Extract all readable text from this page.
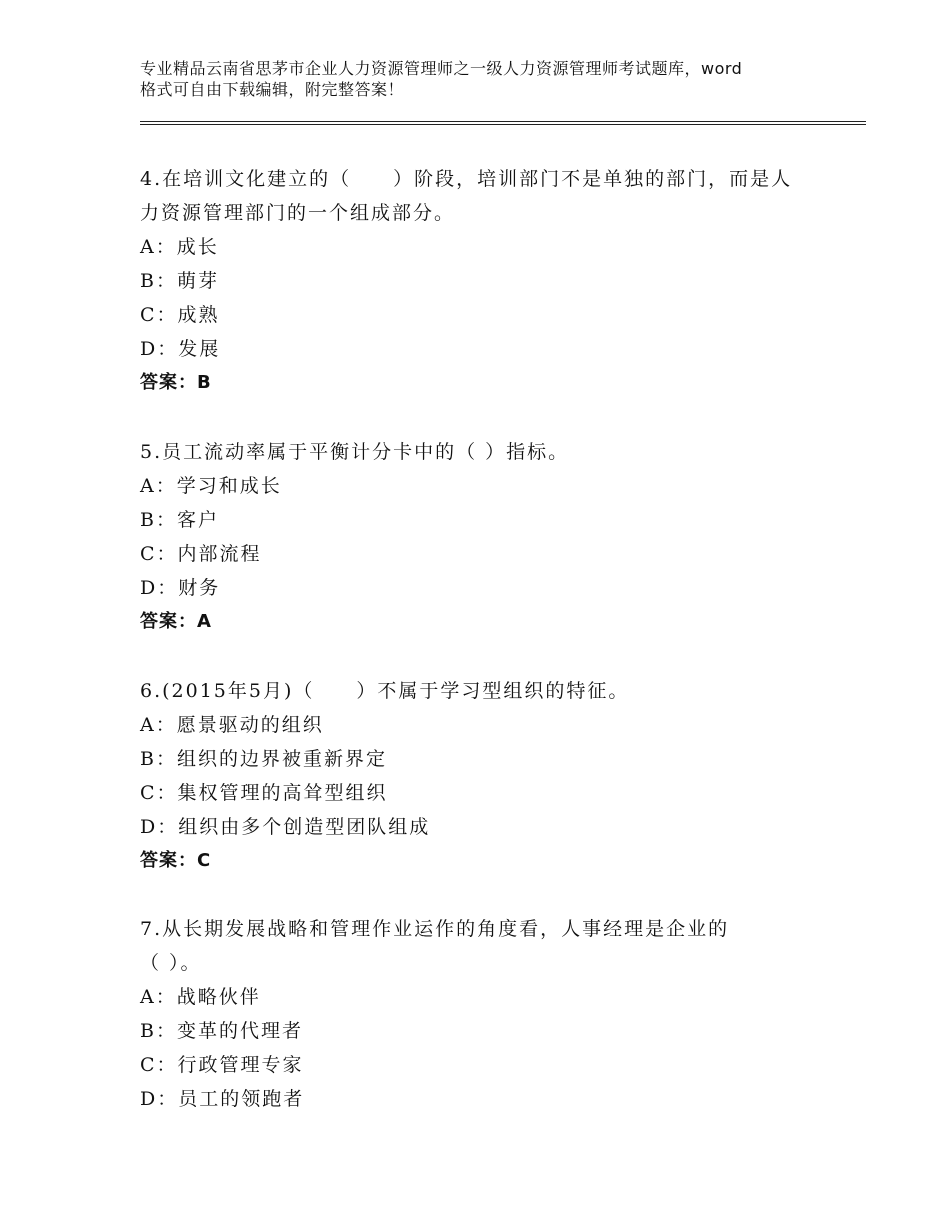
专业精品云南省思茅市企业人力资源管理师之一级人力资源管理师考试题库，word
格式可自由下载编辑，附完整答案！
4.在培训文化建立的（　　）阶段，培训部门不是单独的部门，而是人
力资源管理部门的一个组成部分。
A：成长
B：萌芽
C：成熟
D：发展
答案：B
5.员工流动率属于平衡计分卡中的（ ）指标。
A：学习和成长
B：客户
C：内部流程
D：财务
答案：A
6.(2015年5月)（　　）不属于学习型组织的特征。
A：愿景驱动的组织
B：组织的边界被重新界定
C：集权管理的高耸型组织
D：组织由多个创造型团队组成
答案：C
7.从长期发展战略和管理作业运作的角度看，人事经理是企业的
（ ）。
A：战略伙伴
B：变革的代理者
C：行政管理专家
D：员工的领跑者
